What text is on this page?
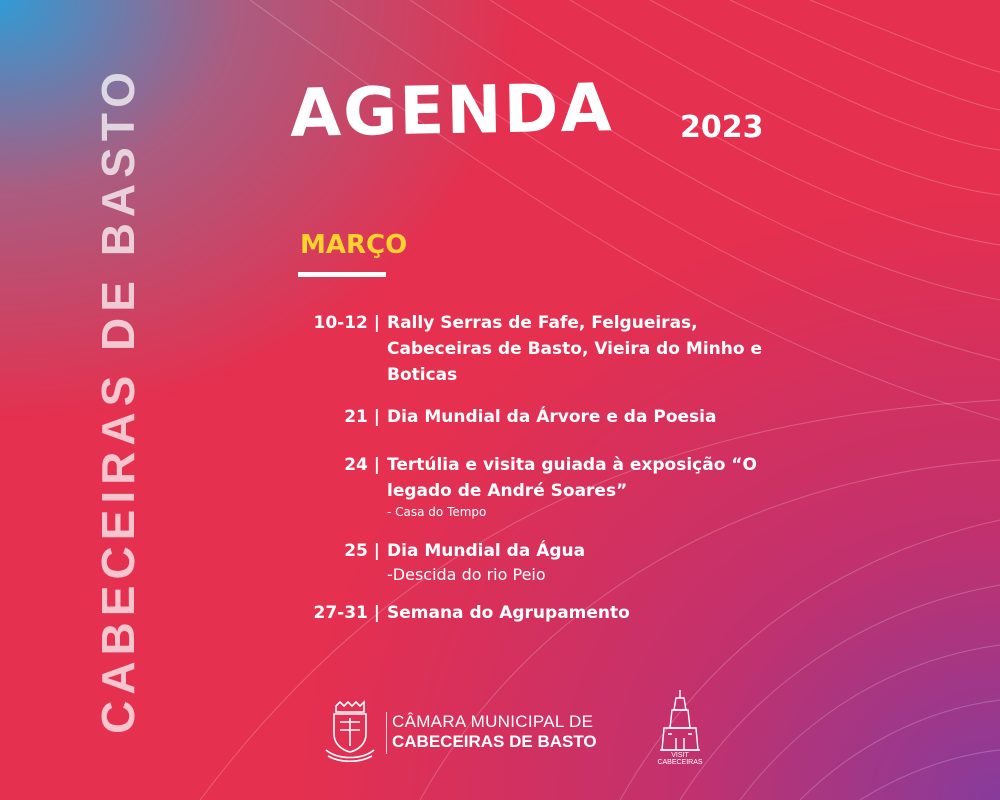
CABECEIRAS DE BASTO AGENDA 2023
MARÇO
10-12 | Rally Serras de Fafe, Felgueiras, Cabeceiras de Basto, Vieira do Minho e Boticas

21 | Dia Mundial da Árvore e da Poesia

24 | Tertúlia e visita guiada à exposição “O legado de André Soares”

- Casa do Tempo

25 | Dia Mundial da Água

-Descida do rio Peio

27-31 | Semana do Agrupamento

CÂMARA MUNICIPAL DE
CABECEIRAS DE BASTO
VISIT
CABECEIRAS
